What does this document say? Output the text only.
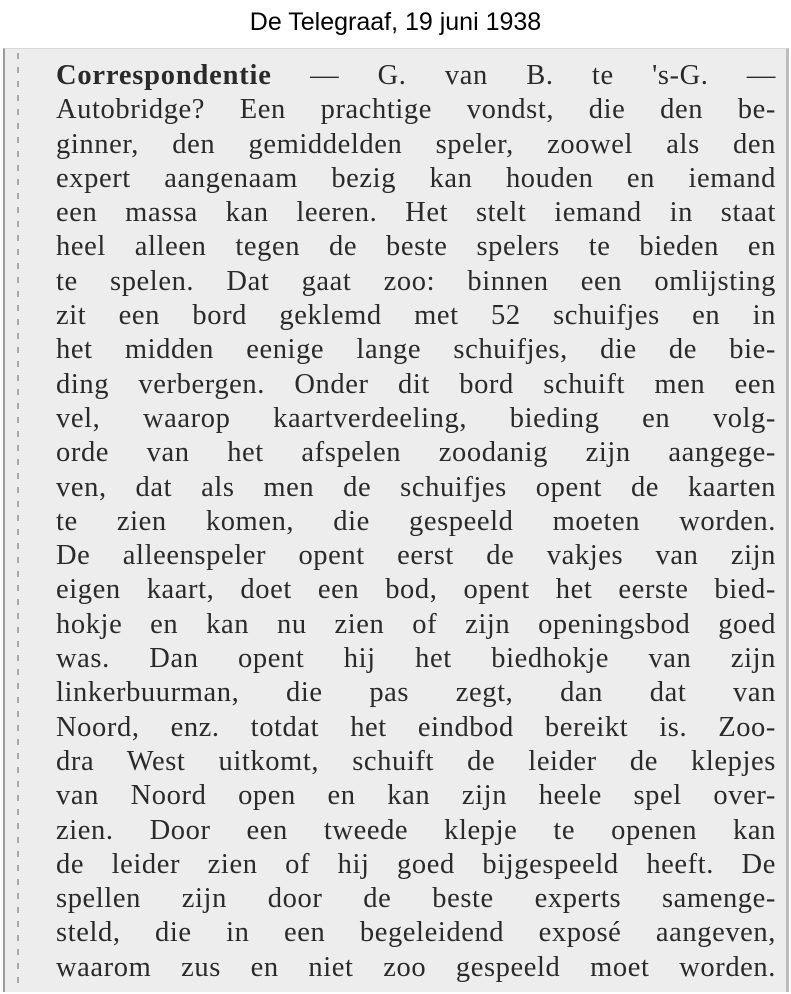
De Telegraaf, 19 juni 1938
Correspondentie — G. van B. te 's-G. —
Autobridge? Een prachtige vondst, die den be-
ginner, den gemiddelden speler, zoowel als den
expert aangenaam bezig kan houden en iemand
een massa kan leeren. Het stelt iemand in staat
heel alleen tegen de beste spelers te bieden en
te spelen. Dat gaat zoo: binnen een omlijsting
zit een bord geklemd met 52 schuifjes en in
het midden eenige lange schuifjes, die de bie-
ding verbergen. Onder dit bord schuift men een
vel, waarop kaartverdeeling, bieding en volg-
orde van het afspelen zoodanig zijn aangege-
ven, dat als men de schuifjes opent de kaarten
te zien komen, die gespeeld moeten worden.
De alleenspeler opent eerst de vakjes van zijn
eigen kaart, doet een bod, opent het eerste bied-
hokje en kan nu zien of zijn openingsbod goed
was. Dan opent hij het biedhokje van zijn
linkerbuurman, die pas zegt, dan dat van
Noord, enz. totdat het eindbod bereikt is. Zoo-
dra West uitkomt, schuift de leider de klepjes
van Noord open en kan zijn heele spel over-
zien. Door een tweede klepje te openen kan
de leider zien of hij goed bijgespeeld heeft. De
spellen zijn door de beste experts samenge-
steld, die in een begeleidend exposé aangeven,
waarom zus en niet zoo gespeeld moet worden.
